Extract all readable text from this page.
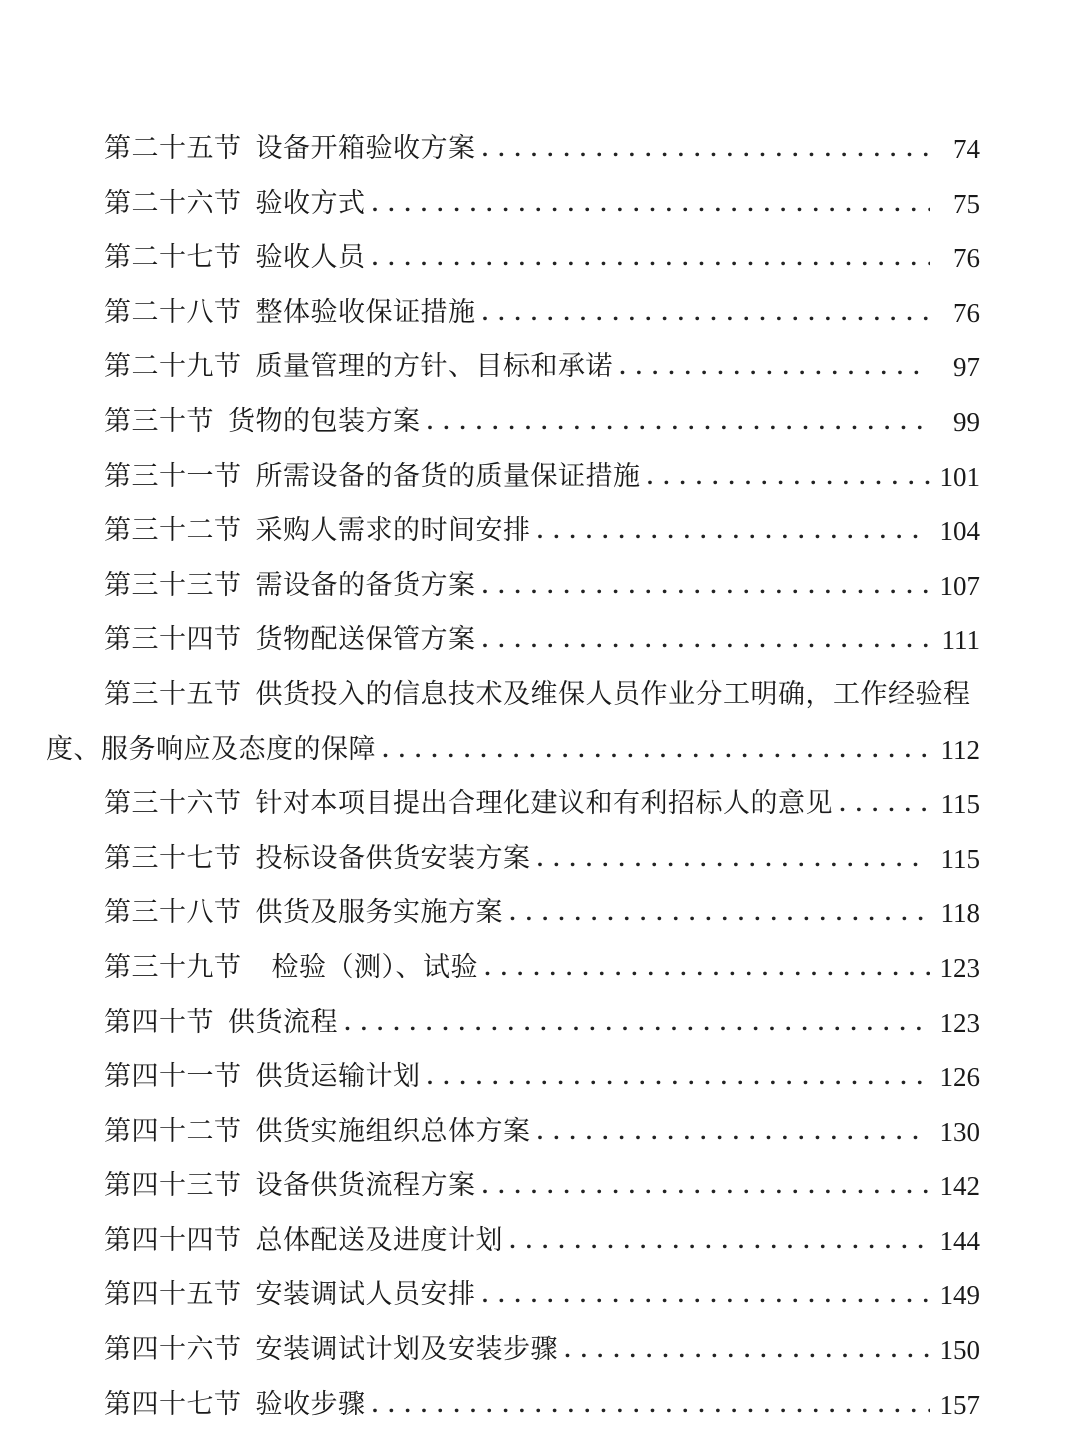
第二十五节 设备开箱验收方案 . . .	74
第二十六节 验收方式 . . .	75
第二十七节 验收人员 . . .	76
第二十八节 整体验收保证措施 . . .	76
第二十九节 质量管理的方针、目标和承诺 . . .	97
第三十节 货物的包装方案 . . .	99
第三十一节 所需设备的备货的质量保证措施 . . .	101
第三十二节 采购人需求的时间安排 . . .	104
第三十三节 需设备的备货方案 . . .	107
第三十四节 货物配送保管方案 . . .	111
第三十五节 供货投入的信息技术及维保人员作业分工明确，工作经验程
度、服务响应及态度的保障 . . .	112
第三十六节 针对本项目提出合理化建议和有利招标人的意见 . . .	115
第三十七节 投标设备供货安装方案 . . .	115
第三十八节 供货及服务实施方案 . . .	118
第三十九节 检验（测）、试验 . . .	123
第四十节 供货流程 . . .	123
第四十一节 供货运输计划 . . .	126
第四十二节 供货实施组织总体方案 . . .	130
第四十三节 设备供货流程方案 . . .	142
第四十四节 总体配送及进度计划 . . .	144
第四十五节 安装调试人员安排 . . .	149
第四十六节 安装调试计划及安装步骤 . . .	150
第四十七节 验收步骤 . . .	157
